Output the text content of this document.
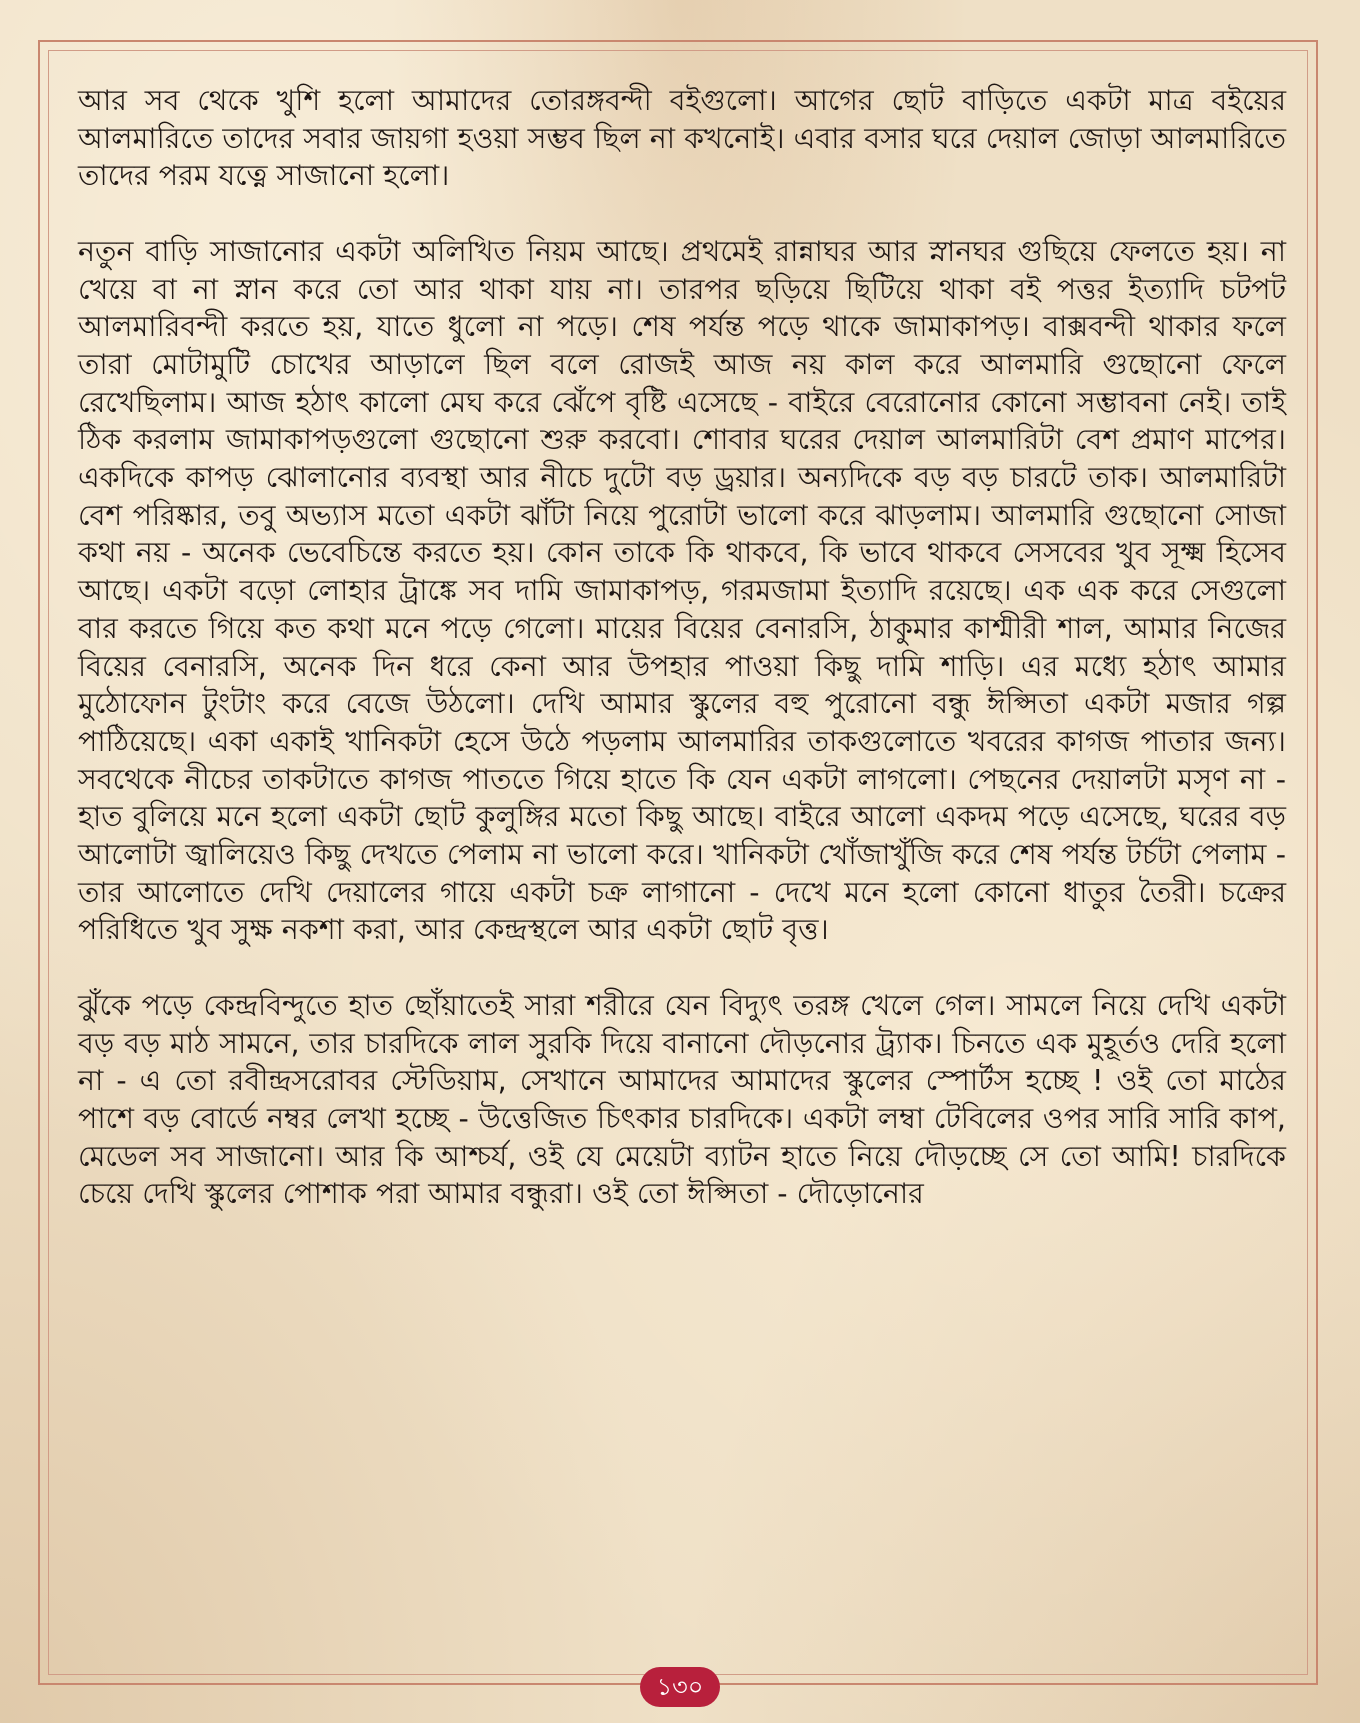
আর সব থেকে খুশি হলো আমাদের তোরঙ্গবন্দী বইগুলো। আগের ছোট বাড়িতে একটা মাত্র বইয়ের আলমারিতে তাদের সবার জায়গা হওয়া সম্ভব ছিল না কখনোই। এবার বসার ঘরে দেয়াল জোড়া আলমারিতে তাদের পরম যত্নে সাজানো হলো।

নতুন বাড়ি সাজানোর একটা অলিখিত নিয়ম আছে। প্রথমেই রান্নাঘর আর স্নানঘর গুছিয়ে ফেলতে হয়। না খেয়ে বা না স্নান করে তো আর থাকা যায় না। তারপর ছড়িয়ে ছিটিয়ে থাকা বই পত্তর ইত্যাদি চটপট আলমারিবন্দী করতে হয়, যাতে ধুলো না পড়ে। শেষ পর্যন্ত পড়ে থাকে জামাকাপড়। বাক্সবন্দী থাকার ফলে তারা মোটামুটি চোখের আড়ালে ছিল বলে রোজই আজ নয় কাল করে আলমারি গুছোনো ফেলে রেখেছিলাম। আজ হঠাৎ কালো মেঘ করে ঝেঁপে বৃষ্টি এসেছে - বাইরে বেরোনোর কোনো সম্ভাবনা নেই। তাই ঠিক করলাম জামাকাপড়গুলো গুছোনো শুরু করবো। শোবার ঘরের দেয়াল আলমারিটা বেশ প্রমাণ মাপের। একদিকে কাপড় ঝোলানোর ব্যবস্থা আর নীচে দুটো বড় ড্রয়ার। অন্যদিকে বড় বড় চারটে তাক। আলমারিটা বেশ পরিষ্কার, তবু অভ্যাস মতো একটা ঝাঁটা নিয়ে পুরোটা ভালো করে ঝাড়লাম। আলমারি গুছোনো সোজা কথা নয় - অনেক ভেবেচিন্তে করতে হয়। কোন তাকে কি থাকবে, কি ভাবে থাকবে সেসবের খুব সূক্ষ্ম হিসেব আছে। একটা বড়ো লোহার ট্রাঙ্কে সব দামি জামাকাপড়, গরমজামা ইত্যাদি রয়েছে। এক এক করে সেগুলো বার করতে গিয়ে কত কথা মনে পড়ে গেলো। মায়ের বিয়ের বেনারসি, ঠাকুমার কাশ্মীরী শাল, আমার নিজের বিয়ের বেনারসি, অনেক দিন ধরে কেনা আর উপহার পাওয়া কিছু দামি শাড়ি। এর মধ্যে হঠাৎ আমার মুঠোফোন টুংটাং করে বেজে উঠলো। দেখি আমার স্কুলের বহু পুরোনো বন্ধু ঈপ্সিতা একটা মজার গল্প পাঠিয়েছে। একা একাই খানিকটা হেসে উঠে পড়লাম আলমারির তাকগুলোতে খবরের কাগজ পাতার জন্য। সবথেকে নীচের তাকটাতে কাগজ পাততে গিয়ে হাতে কি যেন একটা লাগলো। পেছনের দেয়ালটা মসৃণ না - হাত বুলিয়ে মনে হলো একটা ছোট কুলুঙ্গির মতো কিছু আছে। বাইরে আলো একদম পড়ে এসেছে, ঘরের বড় আলোটা জ্বালিয়েও কিছু দেখতে পেলাম না ভালো করে। খানিকটা খোঁজাখুঁজি করে শেষ পর্যন্ত টর্চটা পেলাম - তার আলোতে দেখি দেয়ালের গায়ে একটা চক্র লাগানো - দেখে মনে হলো কোনো ধাতুর তৈরী। চক্রের পরিধিতে খুব সুক্ষ নকশা করা, আর কেন্দ্রস্থলে আর একটা ছোট বৃত্ত।

ঝুঁকে পড়ে কেন্দ্রবিন্দুতে হাত ছোঁয়াতেই সারা শরীরে যেন বিদ্যুৎ তরঙ্গ খেলে গেল। সামলে নিয়ে দেখি একটা বড় বড় মাঠ সামনে, তার চারদিকে লাল সুরকি দিয়ে বানানো দৌড়নোর ট্র্যাক। চিনতে এক মুহূর্তও দেরি হলো না - এ তো রবীন্দ্রসরোবর স্টেডিয়াম, সেখানে আমাদের আমাদের স্কুলের স্পোর্টস হচ্ছে ! ওই তো মাঠের পাশে বড় বোর্ডে নম্বর লেখা হচ্ছে - উত্তেজিত চিৎকার চারদিকে। একটা লম্বা টেবিলের ওপর সারি সারি কাপ, মেডেল সব সাজানো। আর কি আশ্চর্য, ওই যে মেয়েটা ব্যাটন হাতে নিয়ে দৌড়চ্ছে সে তো আমি! চারদিকে চেয়ে দেখি স্কুলের পোশাক পরা আমার বন্ধুরা। ওই তো ঈপ্সিতা - দৌড়োনোর

১৩০
